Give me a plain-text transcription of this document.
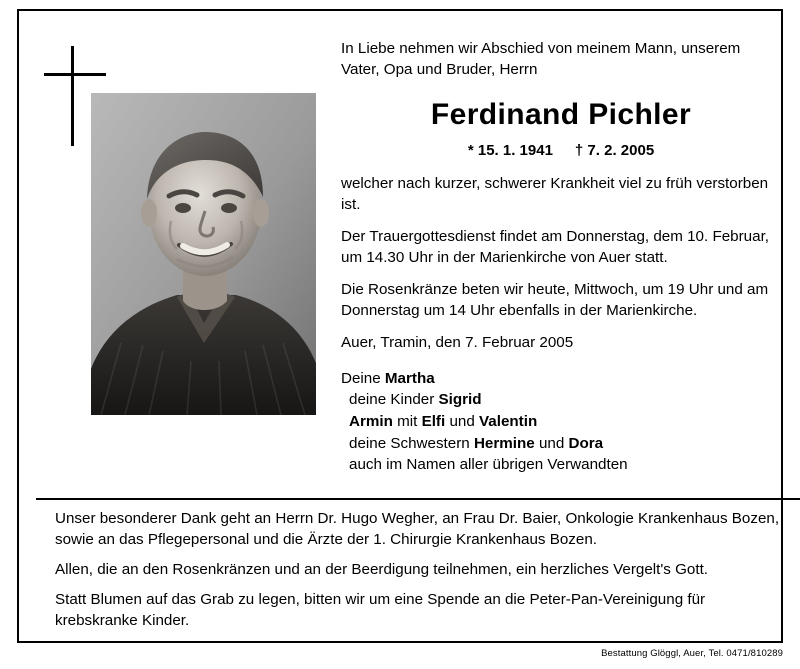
In Liebe nehmen wir Abschied von meinem Mann, unserem Vater, Opa und Bruder, Herrn

Ferdinand Pichler

* 15. 1. 1941 † 7. 2. 2005

welcher nach kurzer, schwerer Krankheit viel zu früh verstorben ist.

Der Trauergottesdienst findet am Donnerstag, dem 10. Februar, um 14.30 Uhr in der Marienkirche von Auer statt.

Die Rosenkränze beten wir heute, Mittwoch, um 19 Uhr und am Donnerstag um 14 Uhr ebenfalls in der Marienkirche.

Auer, Tramin, den 7. Februar 2005

Deine Martha
deine Kinder Sigrid
Armin mit Elfi und Valentin
deine Schwestern Hermine und Dora
auch im Namen aller übrigen Verwandten

Unser besonderer Dank geht an Herrn Dr. Hugo Wegher, an Frau Dr. Baier, Onkologie Krankenhaus Bozen, sowie an das Pflegepersonal und die Ärzte der 1. Chirurgie Krankenhaus Bozen.

Allen, die an den Rosenkränzen und an der Beerdigung teilnehmen, ein herzliches Vergelt's Gott.

Statt Blumen auf das Grab zu legen, bitten wir um eine Spende an die Peter-Pan-Vereinigung für krebskranke Kinder.

Bestattung Glöggl, Auer, Tel. 0471/810289
